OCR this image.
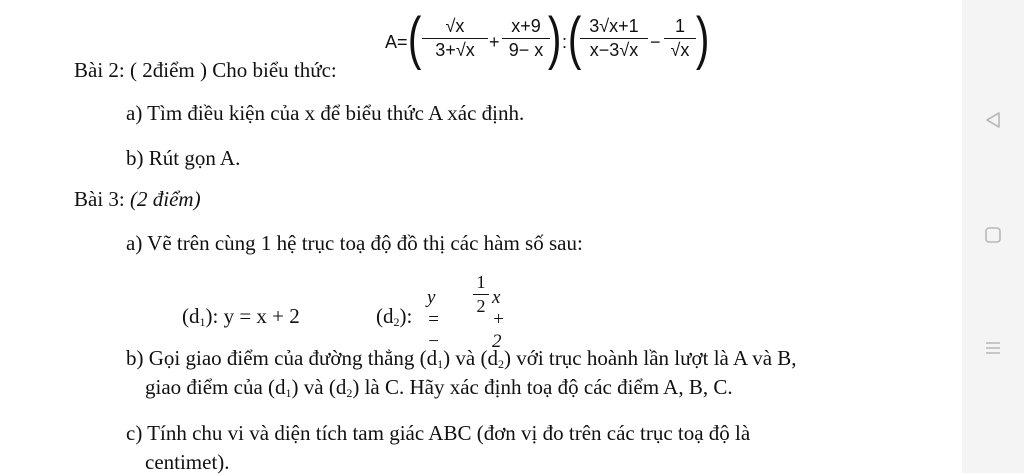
Bài 2: ( 2điểm ) Cho biểu thức:
A= ( $\frac{√x}{3+√x} + \frac{x+9}{9- x}$
) : (
$\frac{3√x+1}{x-3√x} - \frac{1}{√x}$ )
a) Tìm điều kiện của x để biểu thức A xác định.
b) Rút gọn A.
Bài 3: (2 điểm)
a) Vẽ trên cùng 1 hệ trục toạ độ đồ thị các hàm số sau:
$(d_1)$: y = x + 2	$(d_2)$:
y = −
$\frac{1}{2}$ x + 2
b) Gọi giao điểm của đường thẳng $(d_1)$ và $(d_2)$ với trục hoành lần lượt là A và B,
giao điểm của $(d_1)$ và $(d_2)$ là C. Hãy xác định toạ độ các điểm A, B, C.
c) Tính chu vi và diện tích tam giác ABC (đơn vị đo trên các trục toạ độ là
centimet).
